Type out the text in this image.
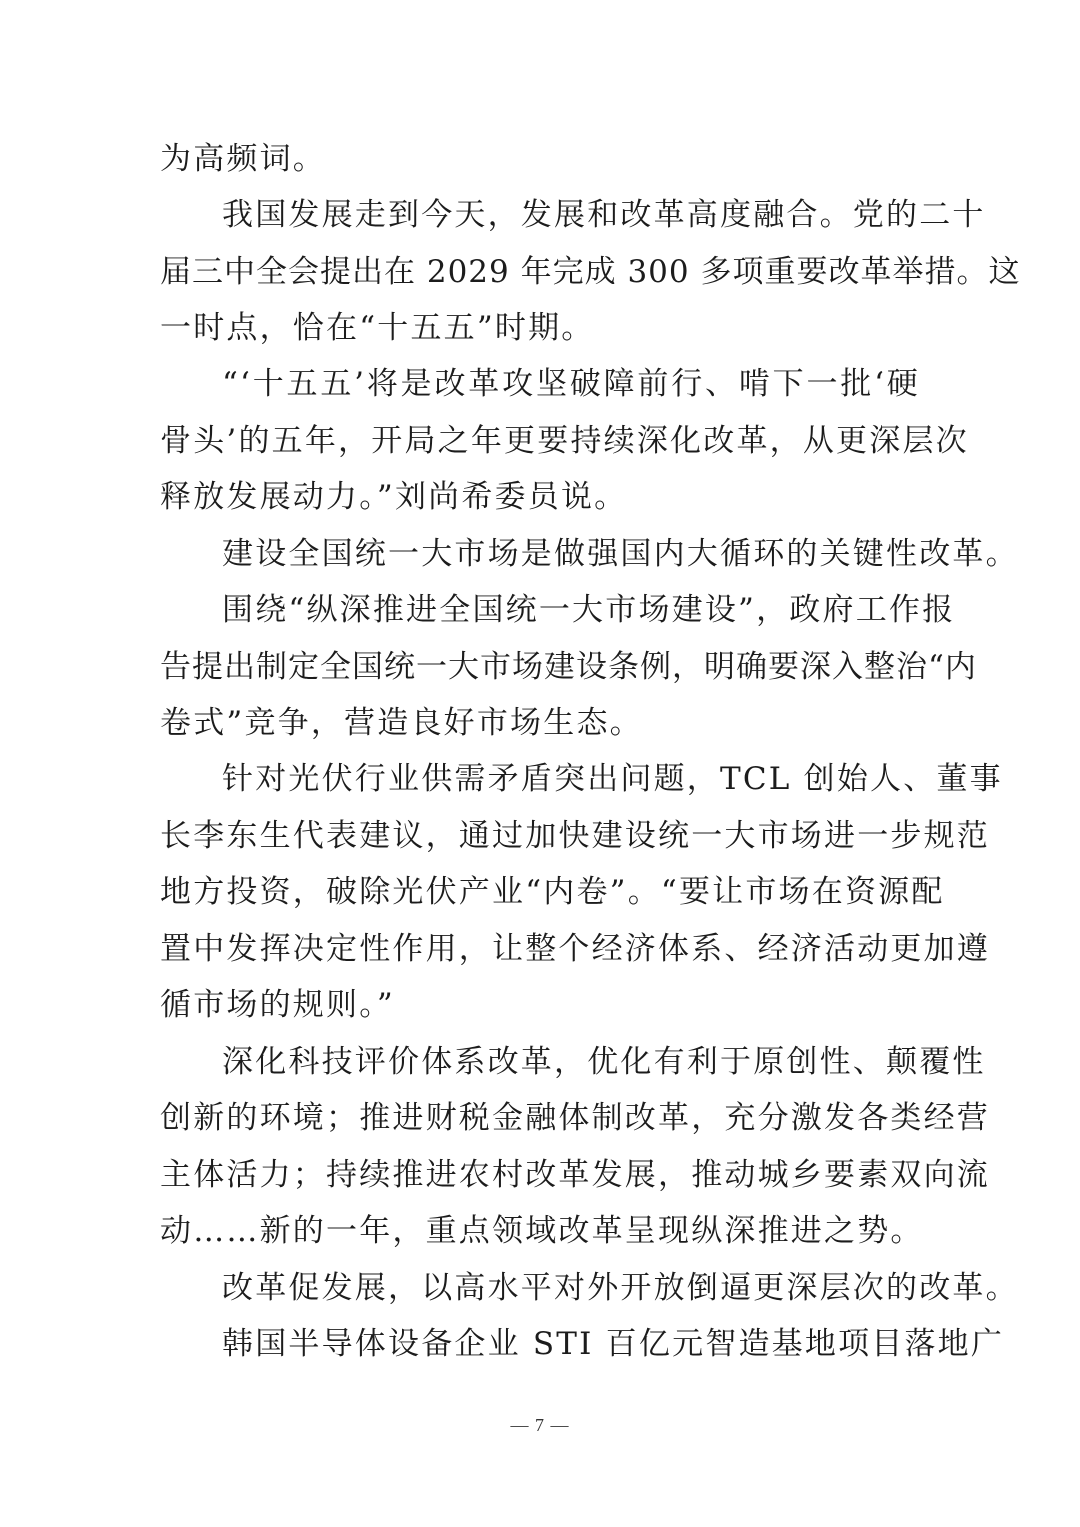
为高频词。
我国发展走到今天，发展和改革高度融合。党的二十
届三中全会提出在 2029 年完成 300 多项重要改革举措。这
一时点，恰在“十五五”时期。
“‘十五五’将是改革攻坚破障前行、啃下一批‘硬
骨头’的五年，开局之年更要持续深化改革，从更深层次
释放发展动力。”刘尚希委员说。
建设全国统一大市场是做强国内大循环的关键性改革。
围绕“纵深推进全国统一大市场建设”，政府工作报
告提出制定全国统一大市场建设条例，明确要深入整治“内
卷式”竞争，营造良好市场生态。
针对光伏行业供需矛盾突出问题，TCL 创始人、董事
长李东生代表建议，通过加快建设统一大市场进一步规范
地方投资，破除光伏产业“内卷”。“要让市场在资源配
置中发挥决定性作用，让整个经济体系、经济活动更加遵
循市场的规则。”
深化科技评价体系改革，优化有利于原创性、颠覆性
创新的环境；推进财税金融体制改革，充分激发各类经营
主体活力；持续推进农村改革发展，推动城乡要素双向流
动……新的一年，重点领域改革呈现纵深推进之势。
改革促发展，以高水平对外开放倒逼更深层次的改革。
韩国半导体设备企业 STI 百亿元智造基地项目落地广
— 7 —
